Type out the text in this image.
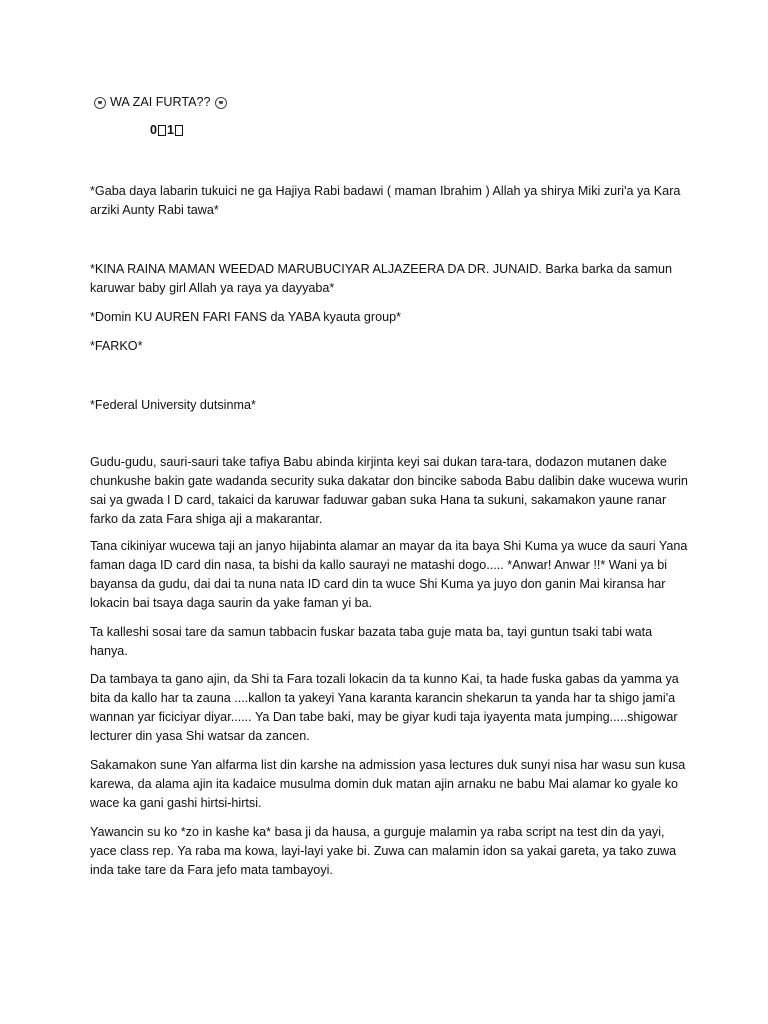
WA ZAI FURTA??
0 1
*Gaba daya labarin tukuici ne ga Hajiya Rabi badawi ( maman Ibrahim ) Allah ya shirya Miki zuri'a ya Kara arziki Aunty Rabi tawa*
*KINA RAINA MAMAN WEEDAD MARUBUCIYAR ALJAZEERA DA DR. JUNAID. Barka barka da samun karuwar baby girl Allah ya raya ya dayyaba*
*Domin KU AUREN FARI FANS da YABA kyauta group*
*FARKO*
*Federal University dutsinma*
Gudu-gudu, sauri-sauri take tafiya Babu abinda kirjinta keyi sai dukan tara-tara, dodazon mutanen dake chunkushe bakin gate wadanda security suka dakatar don bincike saboda Babu dalibin dake wucewa wurin sai ya gwada I D card, takaici da karuwar faduwar gaban suka Hana ta sukuni, sakamakon yaune ranar farko da zata Fara shiga aji a makarantar.
Tana cikiniyar wucewa taji an janyo hijabinta alamar an mayar da ita baya Shi Kuma ya wuce da sauri Yana faman daga ID card din nasa, ta bishi da kallo saurayi ne matashi dogo..... *Anwar! Anwar !!* Wani ya bi bayansa da gudu, dai dai ta nuna nata ID card din ta wuce Shi Kuma ya juyo don ganin Mai kiransa har lokacin bai tsaya daga saurin da yake faman yi ba.
Ta kalleshi sosai tare da samun tabbacin fuskar bazata taba guje mata ba, tayi guntun tsaki tabi wata hanya.
Da tambaya ta gano ajin, da Shi ta Fara tozali lokacin da ta kunno Kai, ta hade fuska gabas da yamma ya bita da kallo har ta zauna ....kallon ta yakeyi Yana karanta karancin shekarun ta yanda har ta shigo jami'a wannan yar ficiciyar diyar...... Ya Dan tabe baki, may be giyar kudi taja iyayenta mata jumping.....shigowar lecturer din yasa Shi watsar da zancen.
Sakamakon sune Yan alfarma list din karshe na admission yasa lectures duk sunyi nisa har wasu sun kusa karewa, da alama ajin ita kadaice musulma domin duk matan ajin arnaku ne babu Mai alamar ko gyale ko wace ka gani gashi hirtsi-hirtsi.
Yawancin su ko *zo in kashe ka* basa ji da hausa, a gurguje malamin ya raba script na test din da yayi, yace class rep. Ya raba ma kowa, layi-layi yake bi. Zuwa can malamin idon sa yakai gareta, ya tako zuwa inda take tare da Fara jefo mata tambayoyi.
